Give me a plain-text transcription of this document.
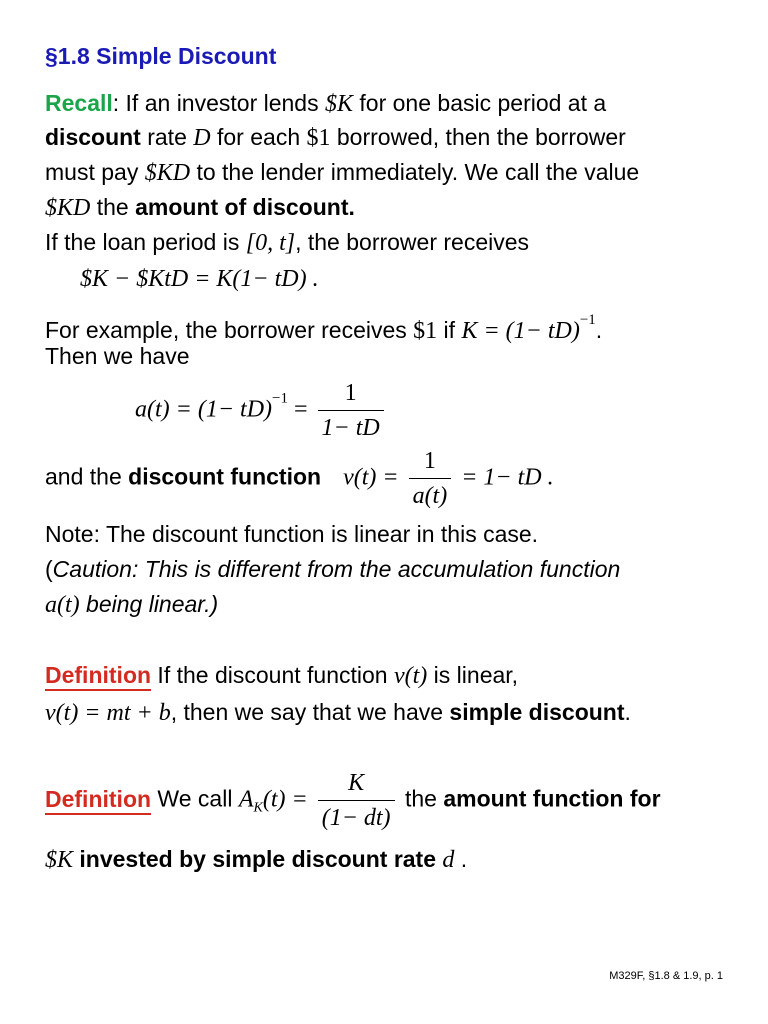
§1.8 Simple Discount
Recall: If an investor lends $K for one basic period at a
discount rate D for each $1 borrowed, then the borrower
must pay $KD to the lender immediately. We call the value
$KD the amount of discount.
If the loan period is [0, t], the borrower receives
$K − $KtD = K(1− tD) .
For example, the borrower receives $1 if K = (1− tD)$^{-1}$.
Then we have
$a(t) = (1- tD)^{-1} = \frac{1}{1- tD}$
and the discount function $v(t) = \frac{1}{a(t)} = 1-$ tD .
Note: The discount function is linear in this case.
(Caution: This is different from the accumulation function
a(t) being linear.)
Definition If the discount function v(t) is linear,
v(t) = mt + b, then we say that we have simple discount.
Definition We call $A_K(t) = \frac{K}{(1- dt)}$ the amount function for
$K invested by simple discount rate d .
M329F, §1.8 & 1.9, p. 1
